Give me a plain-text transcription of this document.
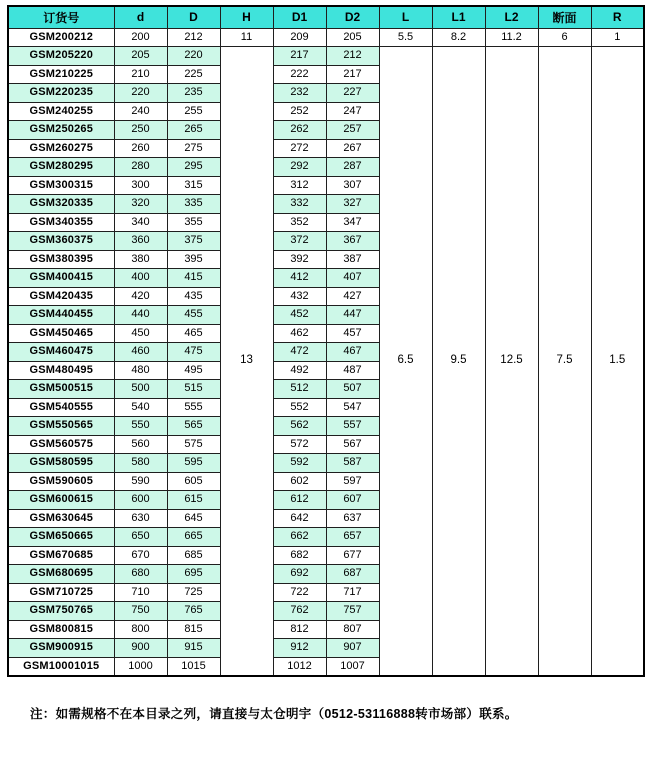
订货号	d	D	H	D1	D2	L	L1	L2	断面	R
GSM200212	200	212	11	209	205	5.5	8.2	11.2	6	1
GSM205220	205	220	13	217	212	6.5	9.5	12.5	7.5	1.5
GSM210225	210	225		222	217					
GSM220235	220	235		232	227					
GSM240255	240	255		252	247					
GSM250265	250	265		262	257					
GSM260275	260	275		272	267					
GSM280295	280	295		292	287					
GSM300315	300	315		312	307					
GSM320335	320	335		332	327					
GSM340355	340	355		352	347					
GSM360375	360	375		372	367					
GSM380395	380	395		392	387					
GSM400415	400	415		412	407					
GSM420435	420	435		432	427					
GSM440455	440	455		452	447					
GSM450465	450	465		462	457					
GSM460475	460	475		472	467					
GSM480495	480	495		492	487					
GSM500515	500	515		512	507					
GSM540555	540	555		552	547					
GSM550565	550	565		562	557					
GSM560575	560	575		572	567					
GSM580595	580	595		592	587					
GSM590605	590	605		602	597					
GSM600615	600	615		612	607					
GSM630645	630	645		642	637					
GSM650665	650	665		662	657					
GSM670685	670	685		682	677					
GSM680695	680	695		692	687					
GSM710725	710	725		722	717					
GSM750765	750	765		762	757					
GSM800815	800	815		812	807					
GSM900915	900	915		912	907					
GSM10001015	1000	1015		1012	1007					
注：如需规格不在本目录之列，请直接与太仓明宇（0512-53116888转市场部）联系。
